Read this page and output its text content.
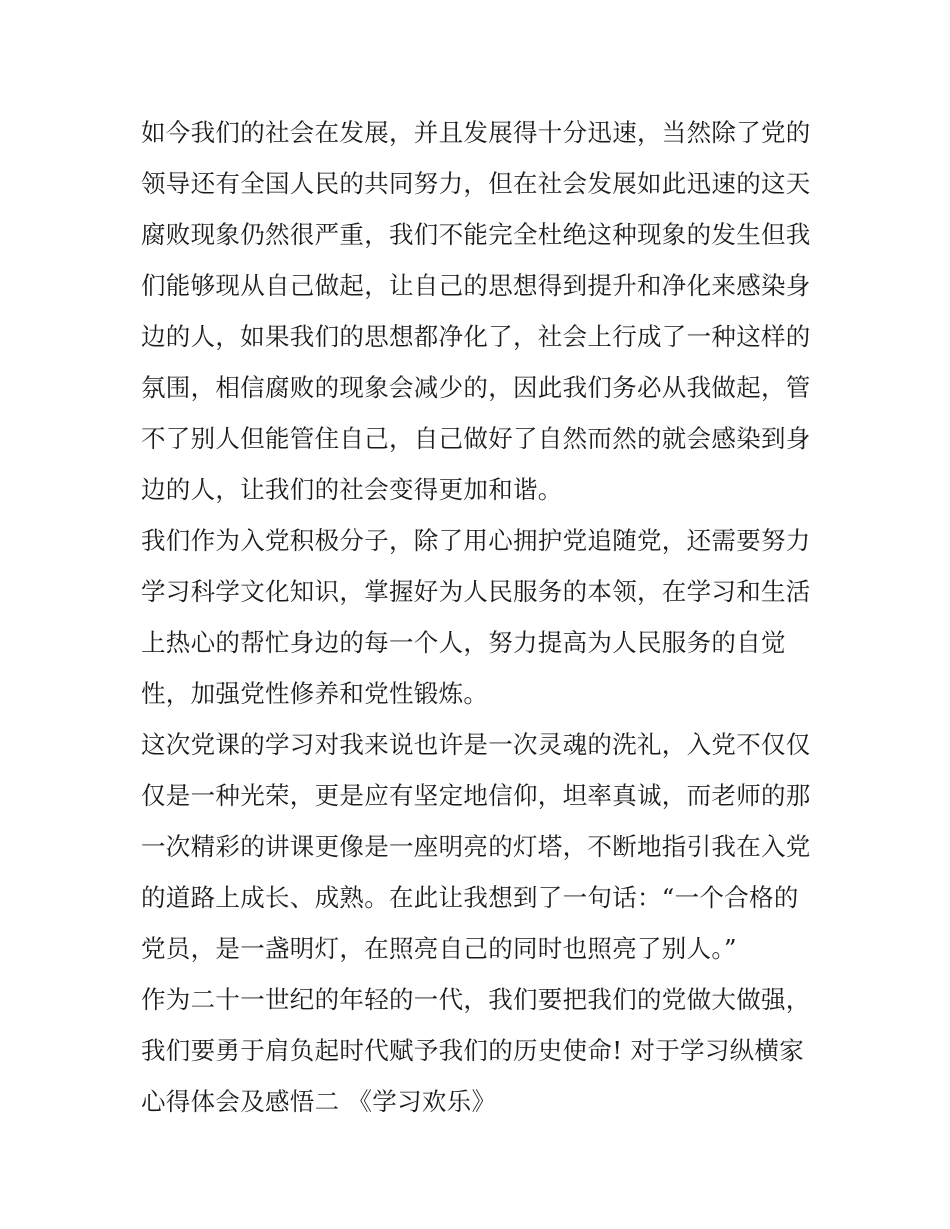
如今我们的社会在发展，并且发展得十分迅速，当然除了党的
领导还有全国人民的共同努力，但在社会发展如此迅速的这天
腐败现象仍然很严重，我们不能完全杜绝这种现象的发生但我
们能够现从自己做起，让自己的思想得到提升和净化来感染身
边的人，如果我们的思想都净化了，社会上行成了一种这样的
氛围，相信腐败的现象会减少的，因此我们务必从我做起，管
不了别人但能管住自己，自己做好了自然而然的就会感染到身
边的人，让我们的社会变得更加和谐。
我们作为入党积极分子，除了用心拥护党追随党，还需要努力
学习科学文化知识，掌握好为人民服务的本领，在学习和生活
上热心的帮忙身边的每一个人，努力提高为人民服务的自觉
性，加强党性修养和党性锻炼。
这次党课的学习对我来说也许是一次灵魂的洗礼，入党不仅仅
仅是一种光荣，更是应有坚定地信仰，坦率真诚，而老师的那
一次精彩的讲课更像是一座明亮的灯塔，不断地指引我在入党
的道路上成长、成熟。在此让我想到了一句话：“一个合格的
党员，是一盏明灯，在照亮自己的同时也照亮了别人。”
作为二十一世纪的年轻的一代，我们要把我们的党做大做强，
我们要勇于肩负起时代赋予我们的历史使命! 对于学习纵横家
心得体会及感悟二 《学习欢乐》
